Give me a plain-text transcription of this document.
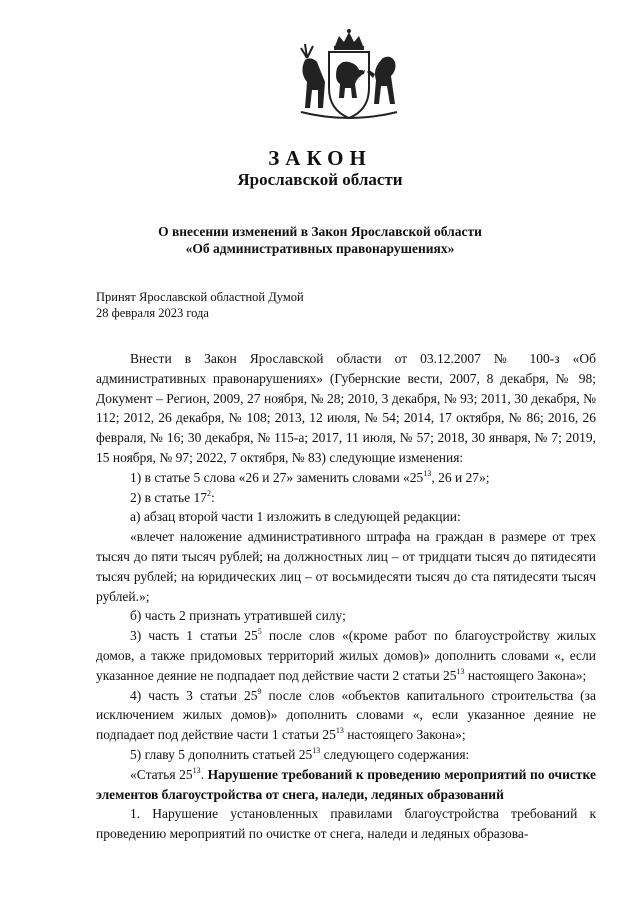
ЗАКОН
Ярославской области
О внесении изменений в Закон Ярославской области
«Об административных правонарушениях»
Принят Ярославской областной Думой
28 февраля 2023 года

Внести в Закон Ярославской области от 03.12.2007 № 100-з «Об административных правонарушениях» (Губернские вести, 2007, 8 декабря, № 98; Документ – Регион, 2009, 27 ноября, № 28; 2010, 3 декабря, № 93; 2011, 30 декабря, № 112; 2012, 26 декабря, № 108; 2013, 12 июля, № 54; 2014, 17 октября, № 86; 2016, 26 февраля, № 16; 30 декабря, № 115-а; 2017, 11 июля, № 57; 2018, 30 января, № 7; 2019, 15 ноября, № 97; 2022, 7 октября, № 83) следующие изменения:

1) в статье 5 слова «26 и 27» заменить словами «$25^{13}$, 26 и 27»;

2) в статье $17^2$:

а) абзац второй части 1 изложить в следующей редакции:

«влечет наложение административного штрафа на граждан в размере от трех тысяч до пяти тысяч рублей; на должностных лиц – от тридцати тысяч до пятидесяти тысяч рублей; на юридических лиц – от восьмидесяти тысяч до ста пятидесяти тысяч рублей.»;

б) часть 2 признать утратившей силу;

3) часть 1 статьи $25^5$ после слов «(кроме работ по благоустройству жилых домов, а также придомовых территорий жилых домов)» дополнить словами «, если указанное деяние не подпадает под действие части 2 статьи $25^{13}$ настоящего Закона»;

4) часть 3 статьи $25^9$ после слов «объектов капитального строительства (за исключением жилых домов)» дополнить словами «, если указанное деяние не подпадает под действие части 1 статьи $25^{13}$ настоящего Закона»;

5) главу 5 дополнить статьей $25^{13}$ следующего содержания:

«Статья $25^{13}$. Нарушение требований к проведению мероприятий по очистке элементов благоустройства от снега, наледи, ледяных образований

1. Нарушение установленных правилами благоустройства требований к проведению мероприятий по очистке от снега, наледи и ледяных образова-
